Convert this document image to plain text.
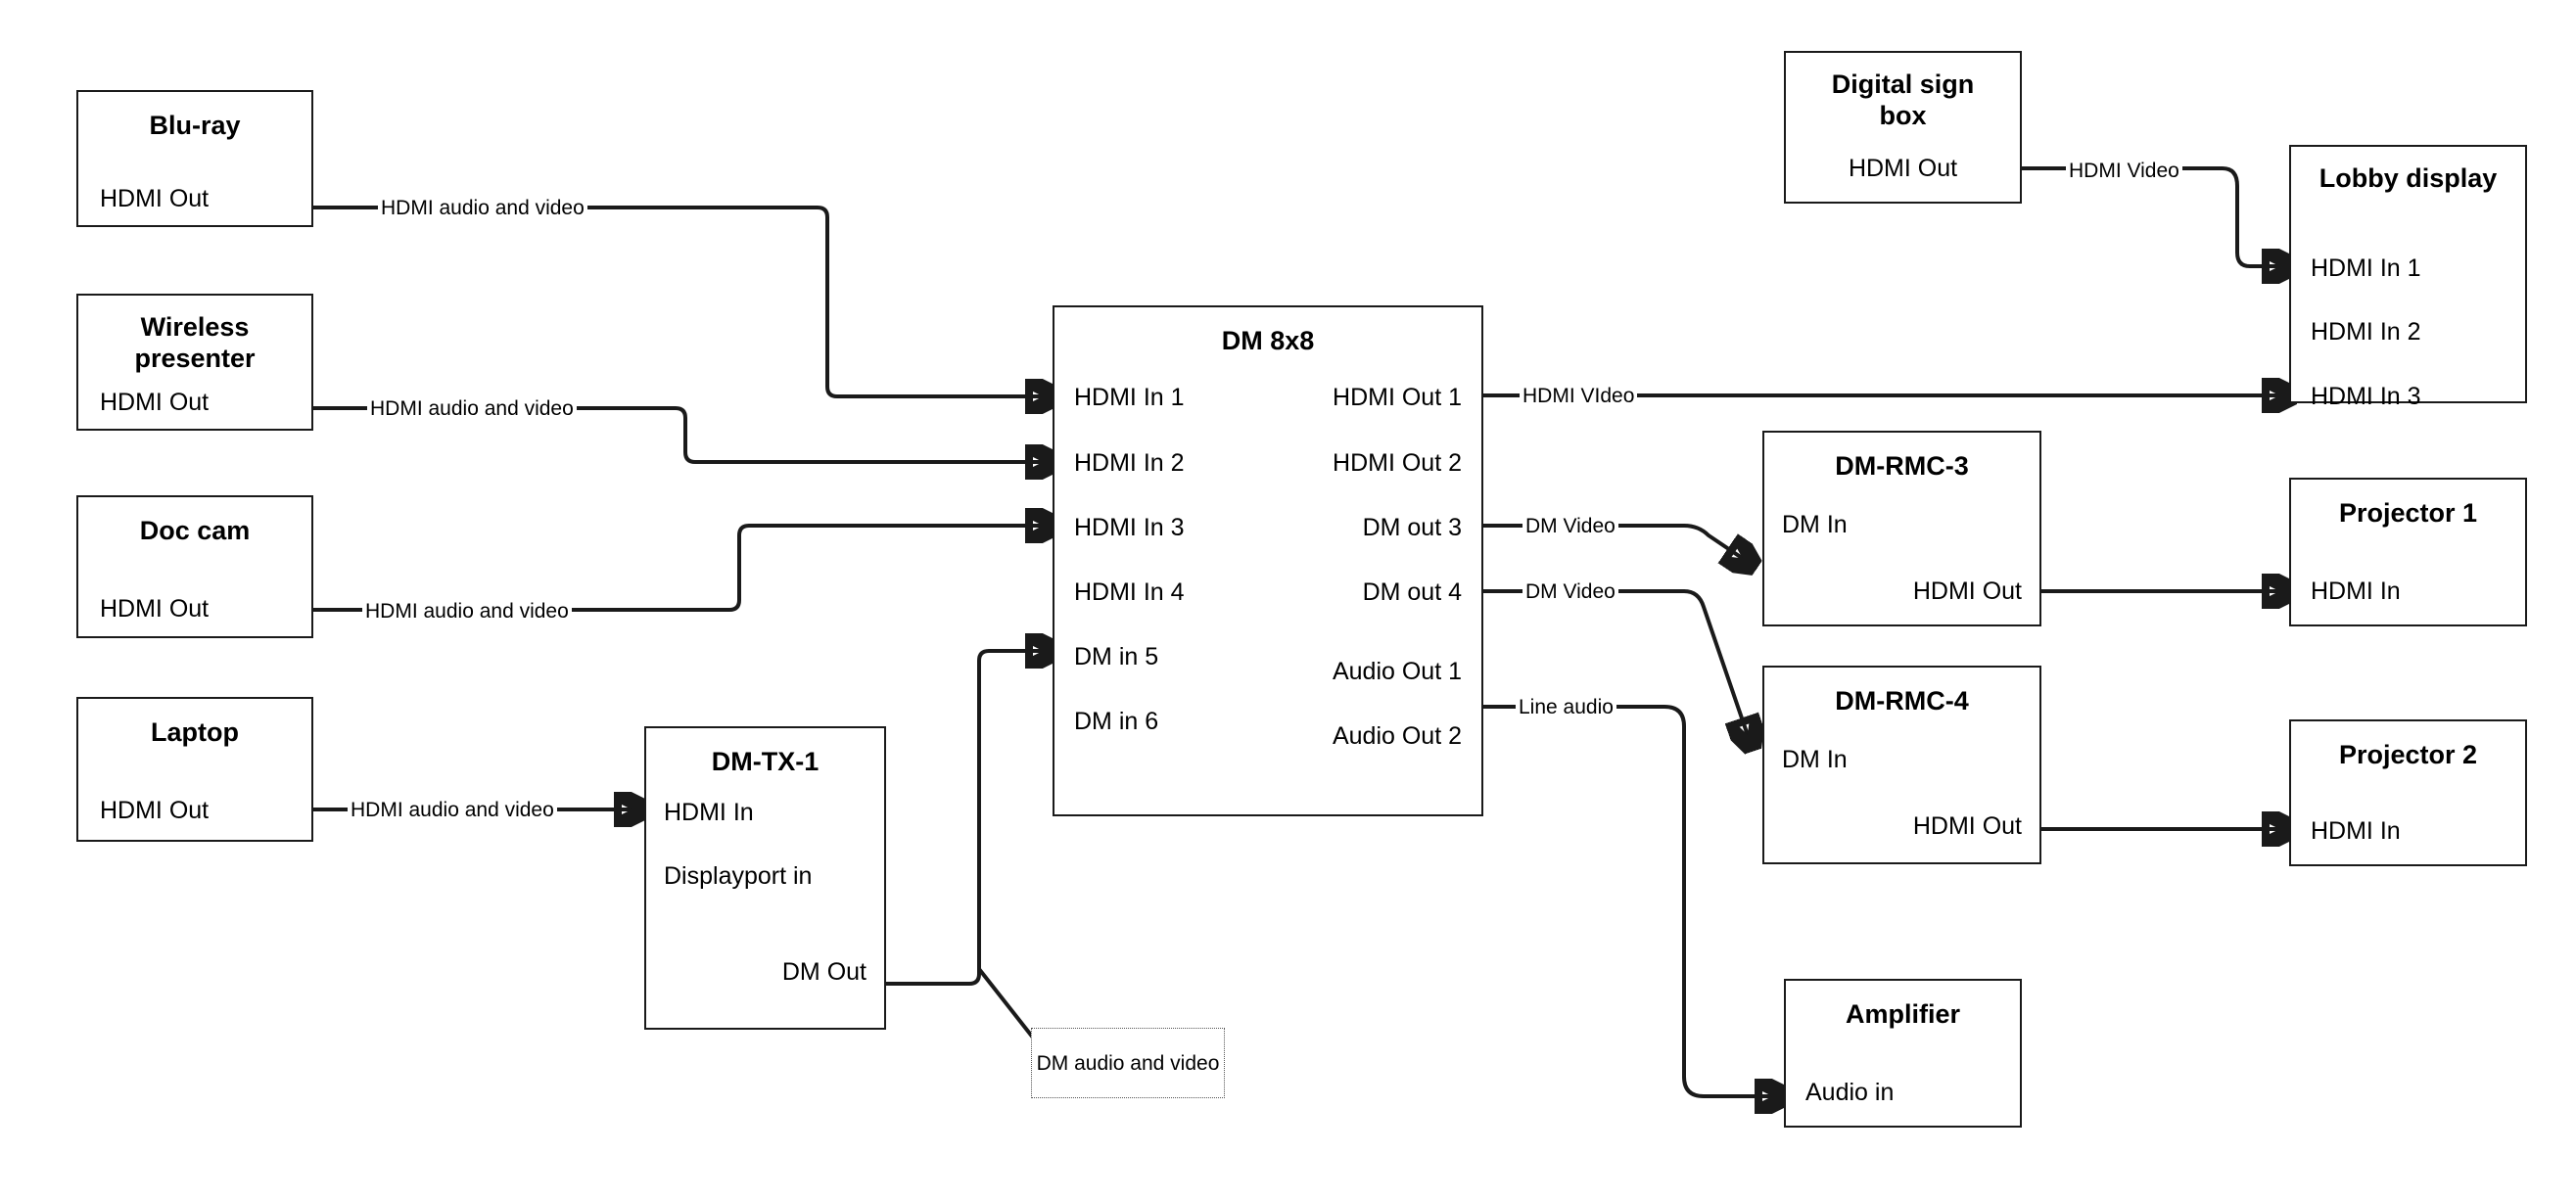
Blu-ray
HDMI Out
Wireless presenter
HDMI Out
Doc cam
HDMI Out
Laptop
HDMI Out
DM-TX-1
HDMI In
Displayport in
DM Out
DM 8x8
HDMI In 1
HDMI In 2
HDMI In 3
HDMI In 4
DM in 5
DM in 6
HDMI Out 1
HDMI Out 2
DM out 3
DM out 4
Audio Out 1
Audio Out 2
Digital sign box
HDMI Out	Lobby display
HDMI In 1
HDMI In 2
HDMI In 3
DM-RMC-3
DM In
HDMI Out
DM-RMC-4
DM In
HDMI Out
Projector 1
HDMI In
Projector 2
HDMI In
Amplifier
Audio in
HDMI audio and video
HDMI audio and video
HDMI audio and video
HDMI audio and video
HDMI Video
HDMI VIdeo
DM Video
DM Video
Line audio
DM audio and video
